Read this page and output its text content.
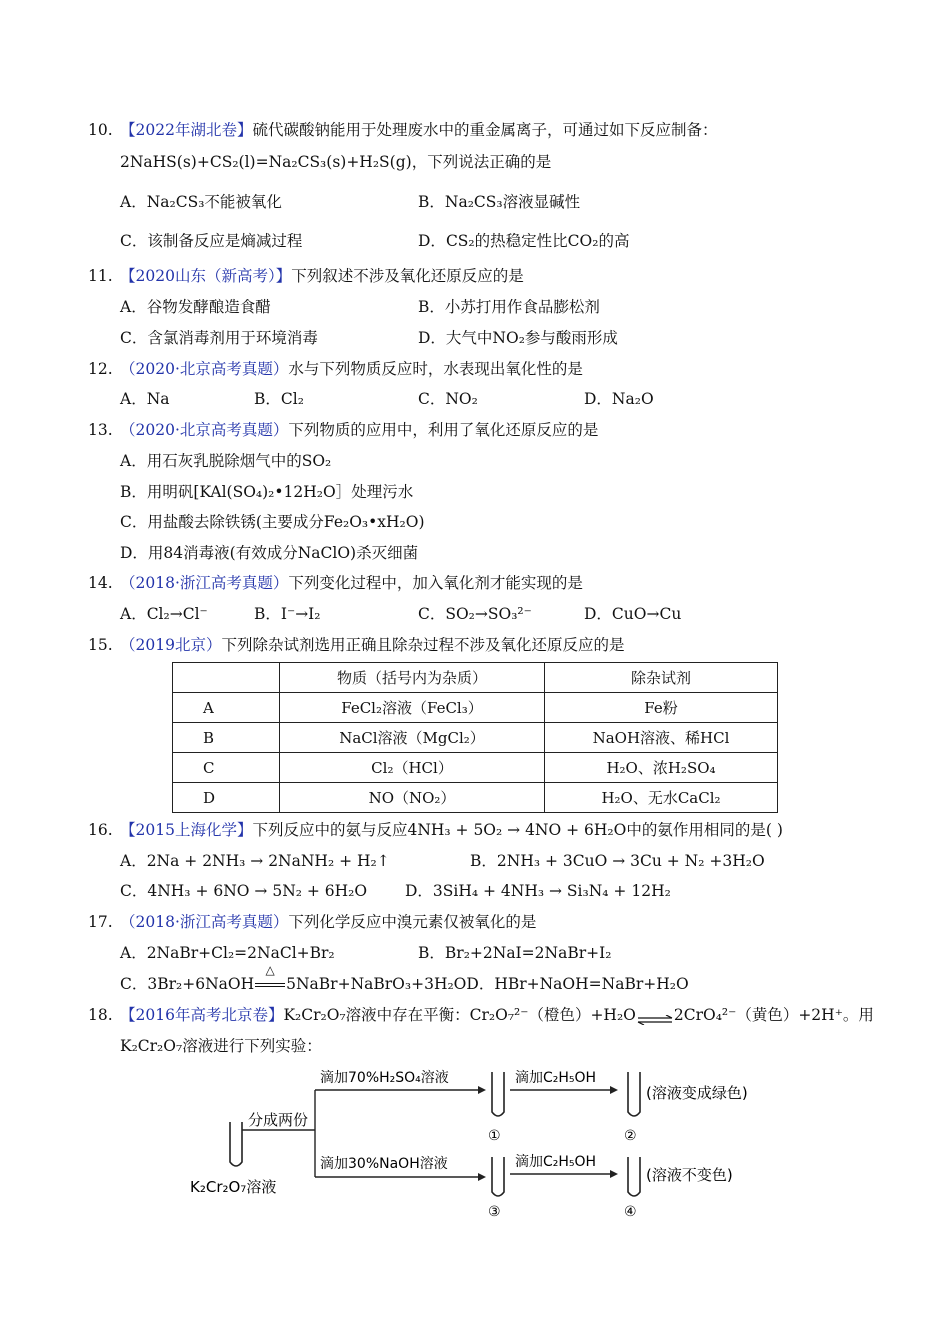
10. 【2022年湖北卷】硫代碳酸钠能用于处理废水中的重金属离子，可通过如下反应制备：
2NaHS(s)+CS₂(l)=Na₂CS₃(s)+H₂S(g)，下列说法正确的是
A．Na₂CS₃不能被氧化	B．Na₂CS₃溶液显碱性
C．该制备反应是熵减过程	D．CS₂的热稳定性比CO₂的高
11. 【2020山东（新高考）】下列叙述不涉及氧化还原反应的是
A．谷物发酵酿造食醋	B．小苏打用作食品膨松剂
C．含氯消毒剂用于环境消毒	D．大气中NO₂参与酸雨形成
12. （2020·北京高考真题）水与下列物质反应时，水表现出氧化性的是
A．Na	B．Cl₂	C．NO₂	D．Na₂O
13. （2020·北京高考真题）下列物质的应用中，利用了氧化还原反应的是
A．用石灰乳脱除烟气中的SO₂
B．用明矾[KAl(SO₄)₂•12H₂O］处理污水
C．用盐酸去除铁锈(主要成分Fe₂O₃•xH₂O)
D．用84消毒液(有效成分NaClO)杀灭细菌
14. （2018·浙江高考真题）下列变化过程中，加入氧化剂才能实现的是
A．Cl₂→Cl⁻	B．I⁻→I₂	C．SO₂→SO₃²⁻	D．CuO→Cu
15. （2019北京）下列除杂试剂选用正确且除杂过程不涉及氧化还原反应的是
	物质（括号内为杂质）	除杂试剂
A	FeCl₂溶液（FeCl₃）	Fe粉
B	NaCl溶液（MgCl₂）	NaOH溶液、稀HCl
C	Cl₂（HCl）	H₂O、浓H₂SO₄
D	NO（NO₂）	H₂O、无水CaCl₂
16. 【2015上海化学】下列反应中的氨与反应4NH₃ + 5O₂ → 4NO + 6H₂O中的氨作用相同的是( )
A．2Na + 2NH₃ → 2NaNH₂ + H₂↑	B．2NH₃ + 3CuO → 3Cu + N₂ +3H₂O
C．4NH₃ + 6NO → 5N₂ + 6H₂O D．3SiH₄ + 4NH₃ → Si₃N₄ + 12H₂
17. （2018·浙江高考真题）下列化学反应中溴元素仅被氧化的是
A．2NaBr+Cl₂=2NaCl+Br₂	B．Br₂+2NaI=2NaBr+I₂
C．3Br₂+6NaOH
△
5NaBr+NaBrO₃+3H₂OD．HBr+NaOH=NaBr+H₂O
18. 【2016年高考北京卷】K₂Cr₂O₇溶液中存在平衡：Cr₂O₇²⁻（橙色）+H₂O⇌2CrO₄²⁻（黄色）+2H⁺。用
K₂Cr₂O₇溶液进行下列实验：
K₂Cr₂O₇溶液
分成两份
滴加70%H₂SO₄溶液
①
滴加C₂H₅OH
②
(溶液变成绿色)
滴加30%NaOH溶液
③
滴加C₂H₅OH
④
(溶液不变色)
